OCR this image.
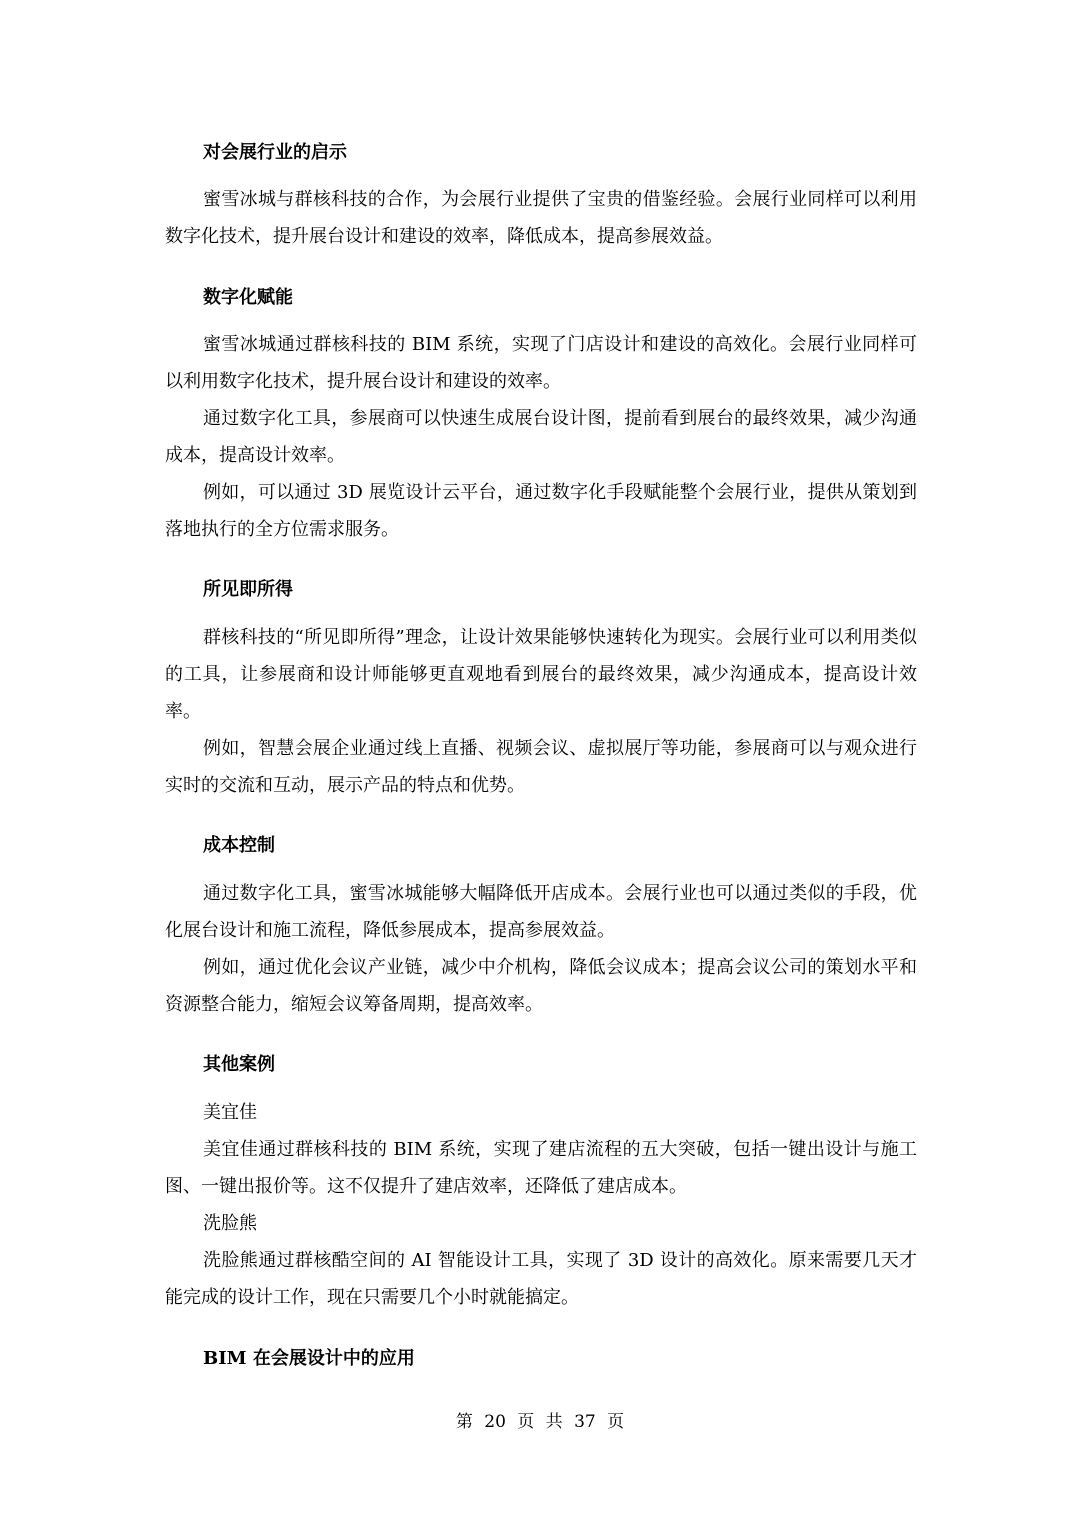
对会展行业的启示
蜜雪冰城与群核科技的合作，为会展行业提供了宝贵的借鉴经验。会展行业同样可以利用数字化技术，提升展台设计和建设的效率，降低成本，提高参展效益。
数字化赋能
蜜雪冰城通过群核科技的 BIM 系统，实现了门店设计和建设的高效化。会展行业同样可以利用数字化技术，提升展台设计和建设的效率。
通过数字化工具，参展商可以快速生成展台设计图，提前看到展台的最终效果，减少沟通成本，提高设计效率。
例如，可以通过 3D 展览设计云平台，通过数字化手段赋能整个会展行业，提供从策划到落地执行的全方位需求服务。
所见即所得
群核科技的“所见即所得”理念，让设计效果能够快速转化为现实。会展行业可以利用类似的工具，让参展商和设计师能够更直观地看到展台的最终效果，减少沟通成本，提高设计效率。
例如，智慧会展企业通过线上直播、视频会议、虚拟展厅等功能，参展商可以与观众进行实时的交流和互动，展示产品的特点和优势。
成本控制
通过数字化工具，蜜雪冰城能够大幅降低开店成本。会展行业也可以通过类似的手段，优化展台设计和施工流程，降低参展成本，提高参展效益。
例如，通过优化会议产业链，减少中介机构，降低会议成本；提高会议公司的策划水平和资源整合能力，缩短会议筹备周期，提高效率。
其他案例
美宜佳
美宜佳通过群核科技的 BIM 系统，实现了建店流程的五大突破，包括一键出设计与施工图、一键出报价等。这不仅提升了建店效率，还降低了建店成本。
洗脸熊
洗脸熊通过群核酷空间的 AI 智能设计工具，实现了 3D 设计的高效化。原来需要几天才能完成的设计工作，现在只需要几个小时就能搞定。
BIM 在会展设计中的应用
第 20 页 共 37 页
